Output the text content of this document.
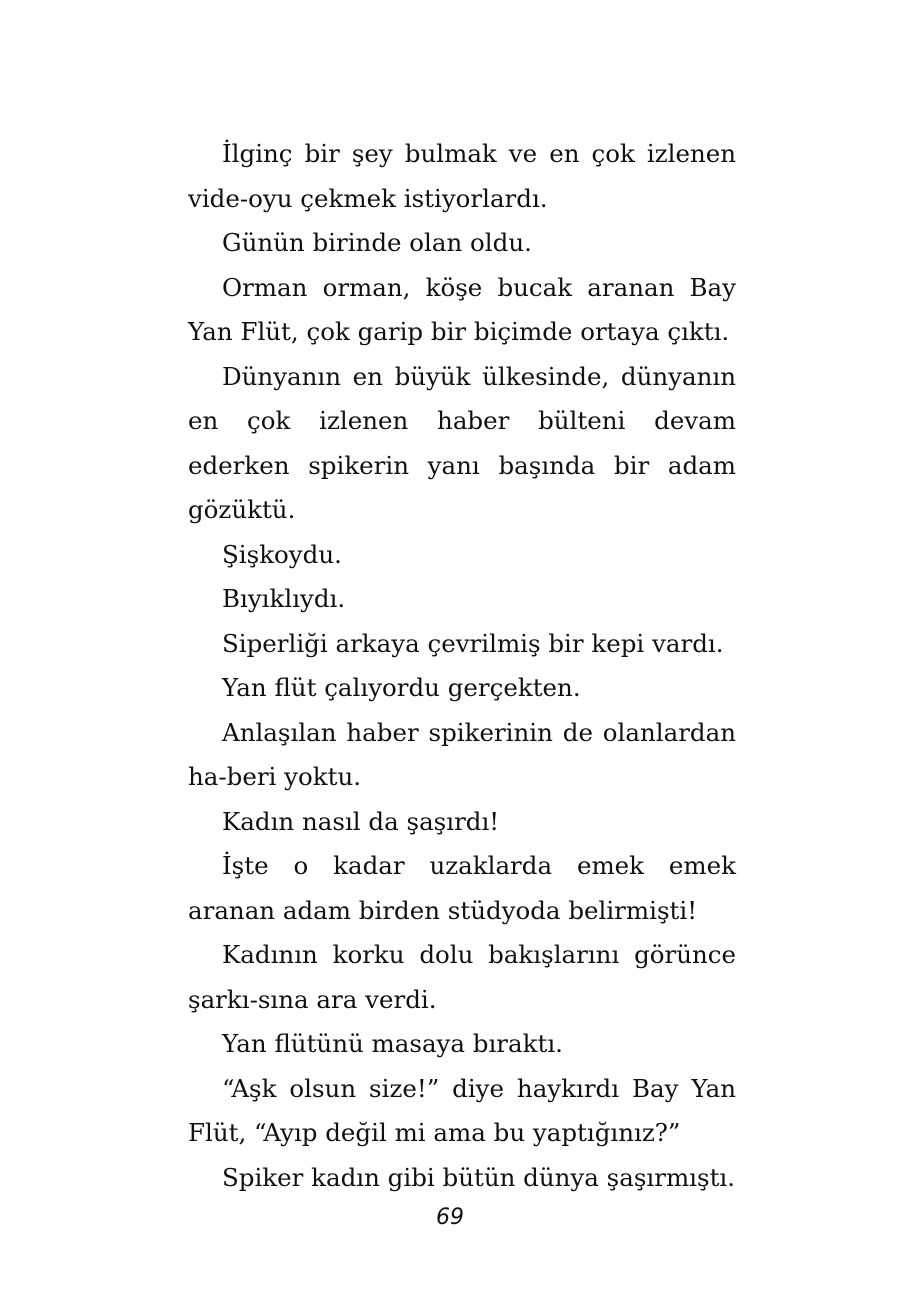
İlginç bir şey bulmak ve en çok izlenen vide-oyu çekmek istiyorlardı.

Günün birinde olan oldu.

Orman orman, köşe bucak aranan Bay Yan Flüt, çok garip bir biçimde ortaya çıktı.

Dünyanın en büyük ülkesinde, dünyanın en çok izlenen haber bülteni devam ederken spikerin yanı başında bir adam gözüktü.

Şişkoydu.

Bıyıklıydı.

Siperliği arkaya çevrilmiş bir kepi vardı.

Yan flüt çalıyordu gerçekten.

Anlaşılan haber spikerinin de olanlardan ha-beri yoktu.

Kadın nasıl da şaşırdı!

İşte o kadar uzaklarda emek emek aranan adam birden stüdyoda belirmişti!

Kadının korku dolu bakışlarını görünce şarkı-sına ara verdi.

Yan flütünü masaya bıraktı.

“Aşk olsun size!” diye haykırdı Bay Yan Flüt, “Ayıp değil mi ama bu yaptığınız?”

Spiker kadın gibi bütün dünya şaşırmıştı.

69
